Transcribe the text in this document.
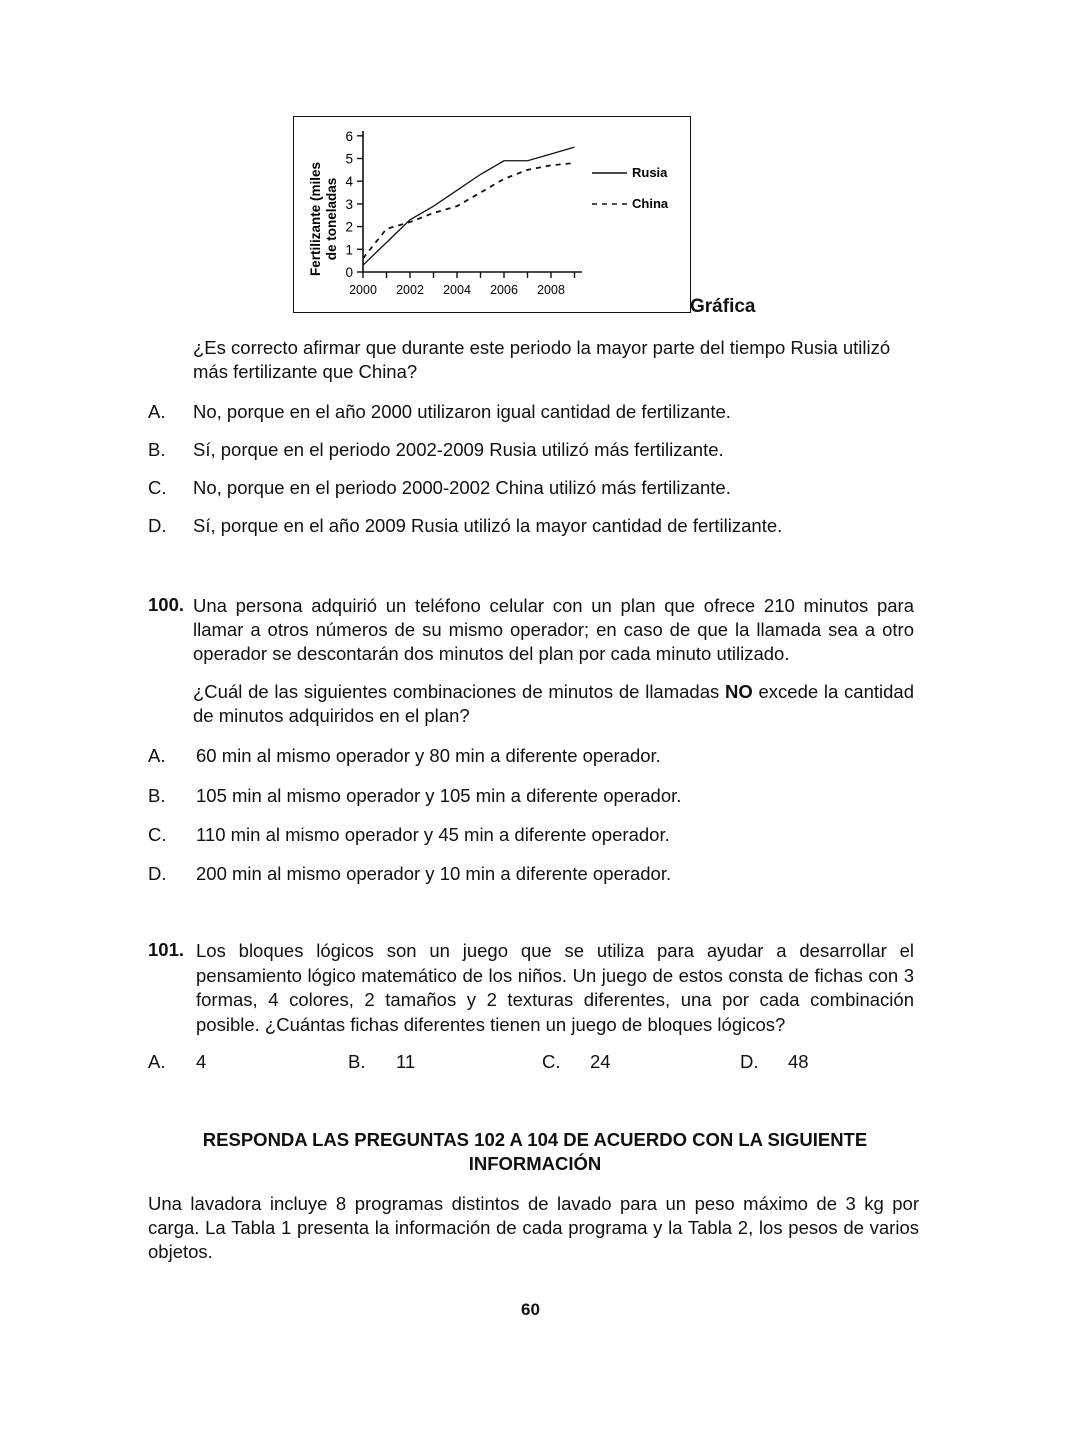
Fertilizante (miles de toneladas
0
1
2
3
4
5
6
2000 2002 2004 2006 2008
Rusia
China
Gráfica
¿Es correcto afirmar que durante este periodo la mayor parte del tiempo Rusia utilizó más fertilizante que China?
A. No, porque en el año 2000 utilizaron igual cantidad de fertilizante.
B. Sí, porque en el periodo 2002-2009 Rusia utilizó más fertilizante.
C. No, porque en el periodo 2000-2002 China utilizó más fertilizante.
D. Sí, porque en el año 2009 Rusia utilizó la mayor cantidad de fertilizante.
100. Una persona adquirió un teléfono celular con un plan que ofrece 210 minutos para llamar a otros números de su mismo operador; en caso de que la llamada sea a otro operador se descontarán dos minutos del plan por cada minuto utilizado.
¿Cuál de las siguientes combinaciones de minutos de llamadas NO excede la cantidad de minutos adquiridos en el plan?
A. 60 min al mismo operador y 80 min a diferente operador.
B. 105 min al mismo operador y 105 min a diferente operador.
C. 110 min al mismo operador y 45 min a diferente operador.
D. 200 min al mismo operador y 10 min a diferente operador.
101. Los bloques lógicos son un juego que se utiliza para ayudar a desarrollar el pensamiento lógico matemático de los niños. Un juego de estos consta de fichas con 3 formas, 4 colores, 2 tamaños y 2 texturas diferentes, una por cada combinación posible. ¿Cuántas fichas diferentes tienen un juego de bloques lógicos?
A. 4	B. 11	C. 24	D. 48
RESPONDA LAS PREGUNTAS 102 A 104 DE ACUERDO CON LA SIGUIENTE
INFORMACIÓN
Una lavadora incluye 8 programas distintos de lavado para un peso máximo de 3 kg por carga. La Tabla 1 presenta la información de cada programa y la Tabla 2, los pesos de varios objetos.
60
